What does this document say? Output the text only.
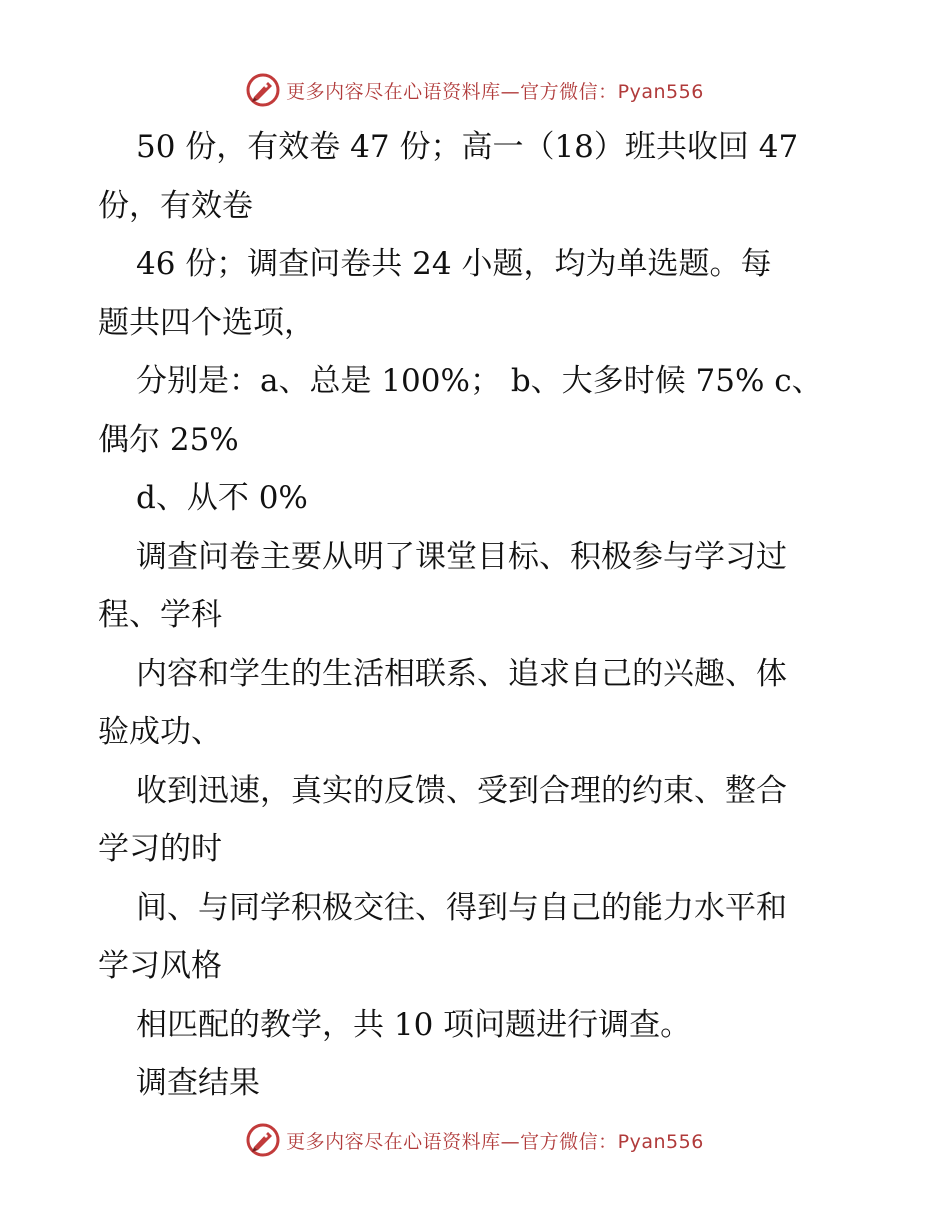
更多内容尽在心语资料库—官方微信：Pyan556
50 份，有效卷 47 份；高一（18）班共收回 47
份，有效卷
46 份；调查问卷共 24 小题，均为单选题。每
题共四个选项，
分别是：a、总是 100%； b、大多时候 75% c、
偶尔 25%
d、从不 0%
调查问卷主要从明了课堂目标、积极参与学习过
程、学科
内容和学生的生活相联系、追求自己的兴趣、体
验成功、
收到迅速，真实的反馈、受到合理的约束、整合
学习的时
间、与同学积极交往、得到与自己的能力水平和
学习风格
相匹配的教学，共 10 项问题进行调查。
调查结果
更多内容尽在心语资料库—官方微信：Pyan556
